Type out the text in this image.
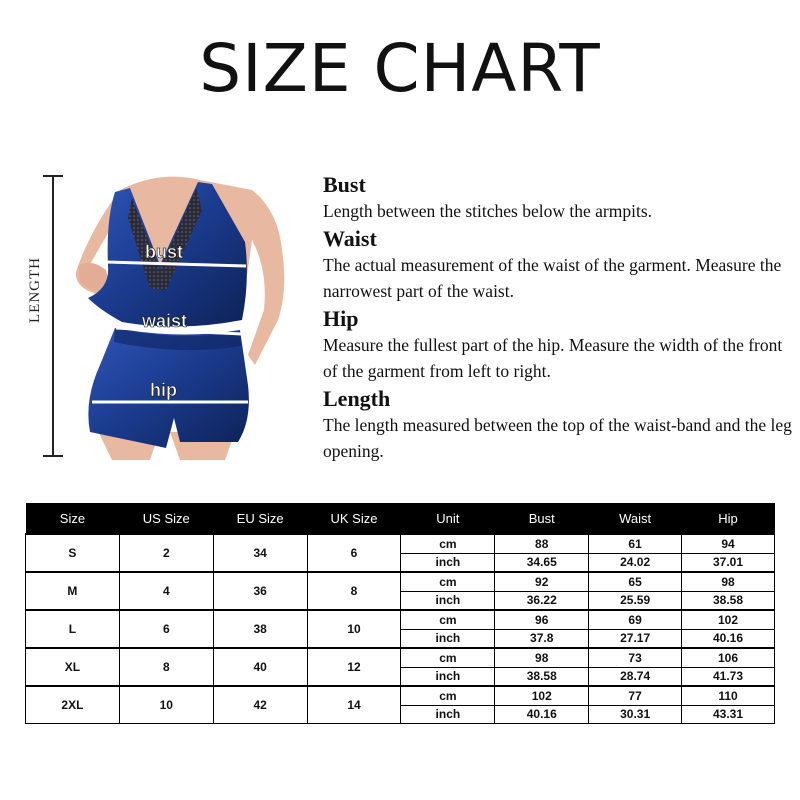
SIZE CHART
LENGTH
bust
waist
hip
Bust

Length between the stitches below the armpits.

Waist

The actual measurement of the waist of the garment. Measure the narrowest part of the waist.

Hip

Measure the fullest part of the hip. Measure the width of the front of the garment from left to right.

Length

The length measured between the top of the waist-band and the leg opening.

Size	US Size	EU Size	UK Size	Unit	Bust	Waist	Hip
S	2	34	6	cm	88	61	94
				inch	34.65	24.02	37.01
M	4	36	8	cm	92	65	98
				inch	36.22	25.59	38.58
L	6	38	10	cm	96	69	102
				inch	37.8	27.17	40.16
XL	8	40	12	cm	98	73	106
				inch	38.58	28.74	41.73
2XL	10	42	14	cm	102	77	110
				inch	40.16	30.31	43.31
